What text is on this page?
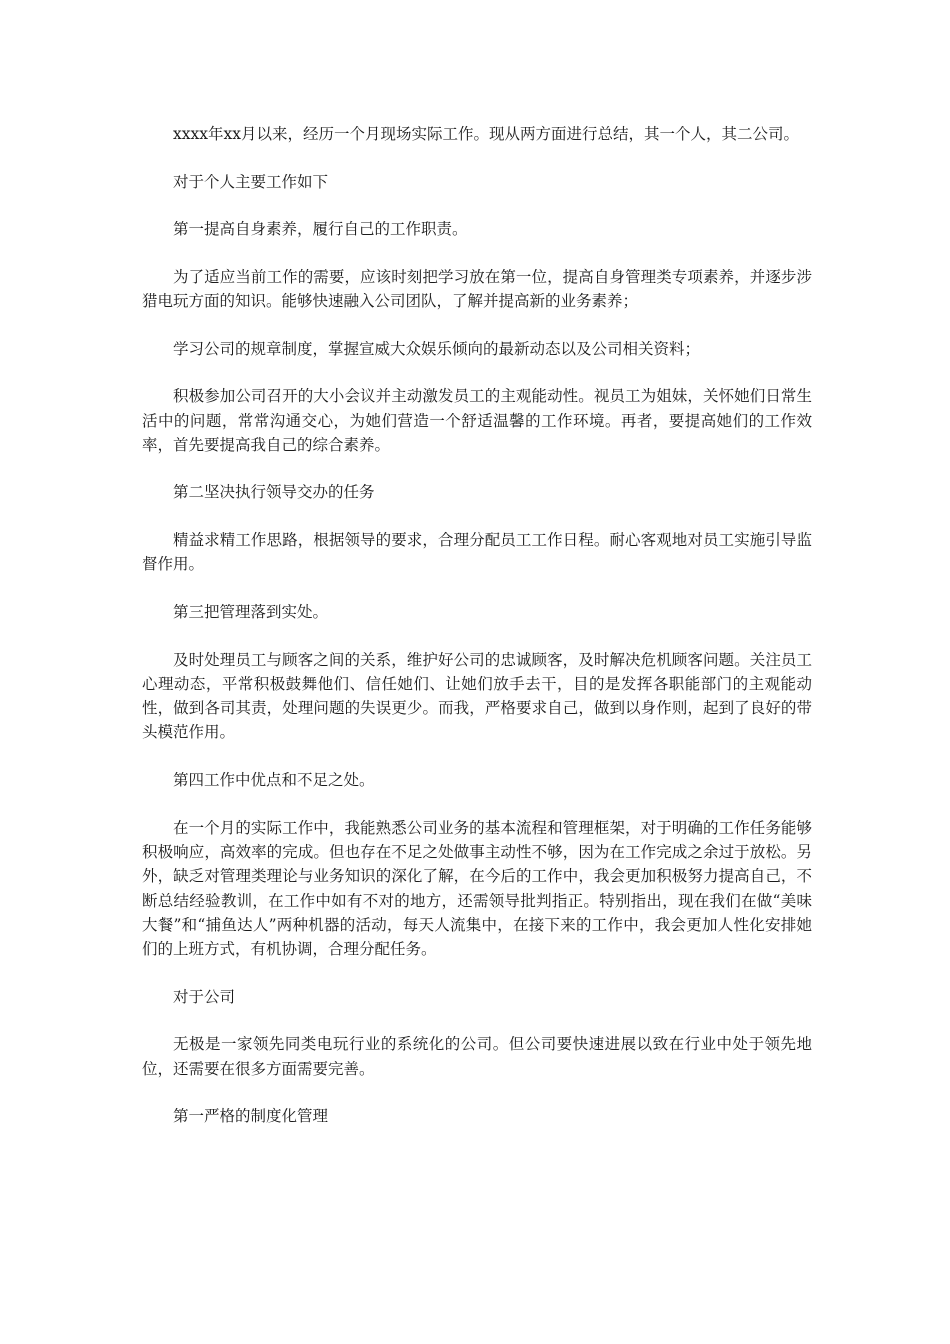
xxxx年xx月以来，经历一个月现场实际工作。现从两方面进行总结，其一个人，其二公司。

对于个人主要工作如下

第一提高自身素养，履行自己的工作职责。

为了适应当前工作的需要，应该时刻把学习放在第一位，提高自身管理类专项素养，并逐步涉猎电玩方面的知识。能够快速融入公司团队，了解并提高新的业务素养；

学习公司的规章制度，掌握宣威大众娱乐倾向的最新动态以及公司相关资料；

积极参加公司召开的大小会议并主动激发员工的主观能动性。视员工为姐妹，关怀她们日常生活中的问题，常常沟通交心，为她们营造一个舒适温馨的工作环境。再者，要提高她们的工作效率，首先要提高我自己的综合素养。

第二坚决执行领导交办的任务

精益求精工作思路，根据领导的要求，合理分配员工工作日程。耐心客观地对员工实施引导监督作用。

第三把管理落到实处。

及时处理员工与顾客之间的关系，维护好公司的忠诚顾客，及时解决危机顾客问题。关注员工心理动态，平常积极鼓舞他们、信任她们、让她们放手去干，目的是发挥各职能部门的主观能动性，做到各司其责，处理问题的失误更少。而我，严格要求自己，做到以身作则，起到了良好的带头模范作用。

第四工作中优点和不足之处。

在一个月的实际工作中，我能熟悉公司业务的基本流程和管理框架，对于明确的工作任务能够积极响应，高效率的完成。但也存在不足之处做事主动性不够，因为在工作完成之余过于放松。另外，缺乏对管理类理论与业务知识的深化了解，在今后的工作中，我会更加积极努力提高自己，不断总结经验教训，在工作中如有不对的地方，还需领导批判指正。特别指出，现在我们在做“美味大餐”和“捕鱼达人”两种机器的活动，每天人流集中，在接下来的工作中，我会更加人性化安排她们的上班方式，有机协调，合理分配任务。

对于公司

无极是一家领先同类电玩行业的系统化的公司。但公司要快速进展以致在行业中处于领先地位，还需要在很多方面需要完善。

第一严格的制度化管理
